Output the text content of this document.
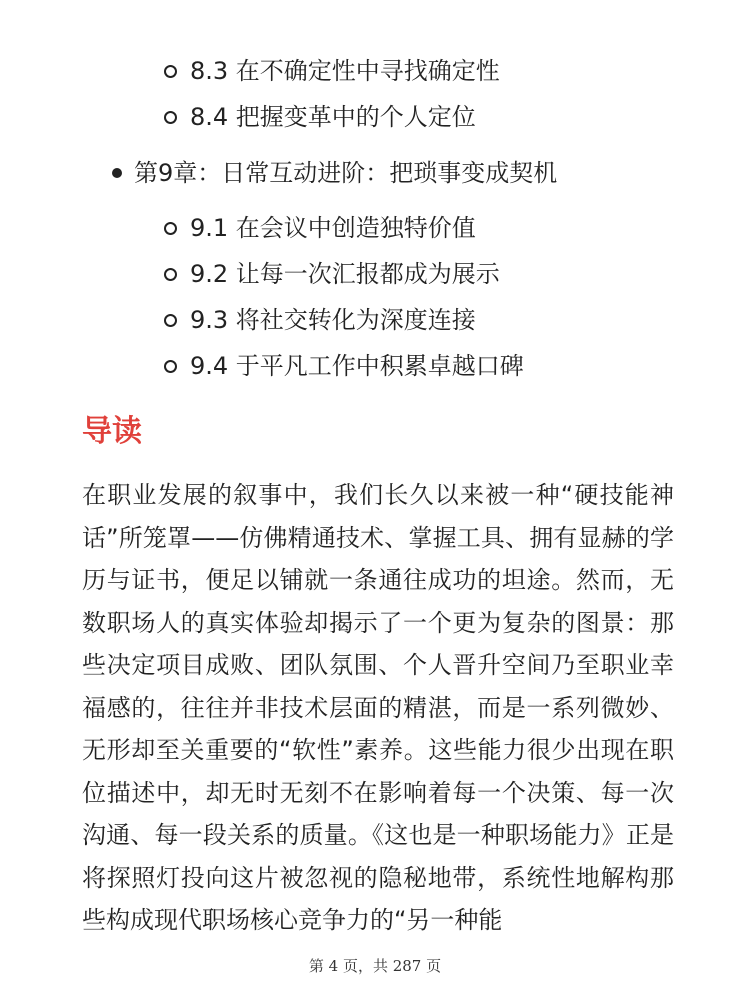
8.3 在不确定性中寻找确定性
8.4 把握变革中的个人定位
第9章：日常互动进阶：把琐事变成契机
9.1 在会议中创造独特价值
9.2 让每一次汇报都成为展示
9.3 将社交转化为深度连接
9.4 于平凡工作中积累卓越口碑
导读

在职业发展的叙事中，我们长久以来被一种“硬技能神话”所笼罩——仿佛精通技术、掌握工具、拥有显赫的学历与证书，便足以铺就一条通往成功的坦途。然而，无数职场人的真实体验却揭示了一个更为复杂的图景：那些决定项目成败、团队氛围、个人晋升空间乃至职业幸福感的，往往并非技术层面的精湛，而是一系列微妙、无形却至关重要的“软性”素养。这些能力很少出现在职位描述中，却无时无刻不在影响着每一个决策、每一次沟通、每一段关系的质量。《这也是一种职场能力》正是将探照灯投向这片被忽视的隐秘地带，系统性地解构那些构成现代职场核心竞争力的“另一种能

第 4 页，共 287 页
